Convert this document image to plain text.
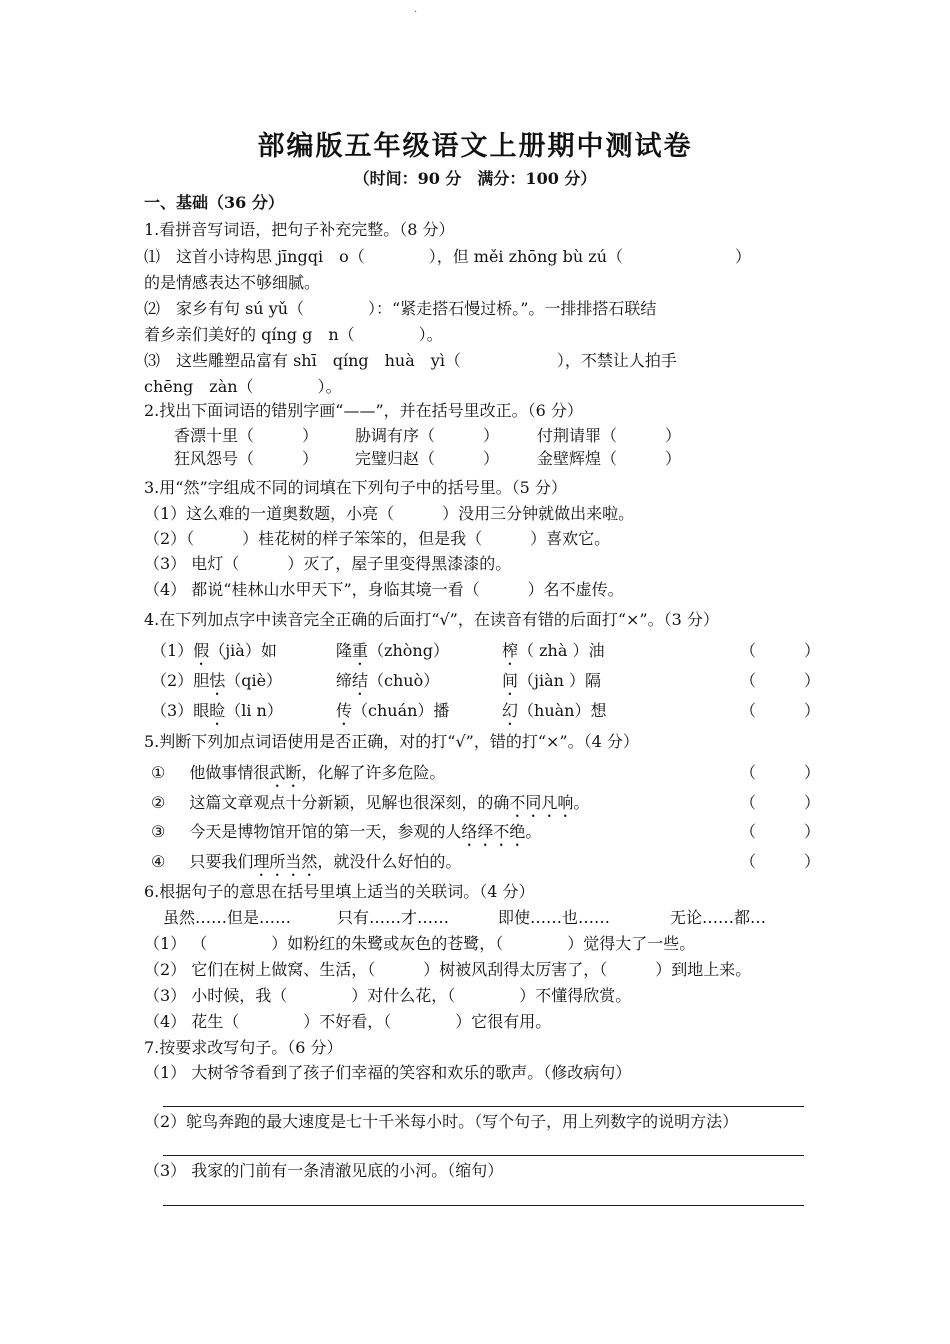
.
部编版五年级语文上册期中测试卷
（时间：90 分　满分：100 分）
一、基础（36 分）
1.看拼音写词语，把句子补充完整。（8 分）
⑴　这首小诗构思 jīngqi　o（　　　　），但 měi zhōng bù zú（　　　　　　　）
的是情感表达不够细腻。
⑵　家乡有句 sú yǔ（　　　　）：“紧走搭石慢过桥。”。一排排搭石联结
着乡亲们美好的 qíng g　n（　　　　）。
⑶　这些雕塑品富有 shī　qíng　huà　yì（　　　　　　），不禁让人拍手
chēng　zàn（　　　　）。
2.找出下面词语的错别字画“——”，并在括号里改正。（6 分）
香漂十里（　　　） 胁调有序（　　　） 付荆请罪（　　　）
狂风怨号（　　　） 完璧归赵（　　　） 金壁辉煌（　　　）
3.用“然”字组成不同的词填在下列句子中的括号里。（5 分）
（1）这么难的一道奥数题，小亮（　　　）没用三分钟就做出来啦。
（2）（　　　）桂花树的样子笨笨的，但是我（　　　）喜欢它。
（3） 电灯（　　　）灭了，屋子里变得黑漆漆的。
（4） 都说“桂林山水甲天下”，身临其境一看（　　　）名不虚传。
4.在下列加点字中读音完全正确的后面打“√”，在读音有错的后面打“×”。（3 分）
（1）假（jià）如	隆重（zhòng）	榨（ zhà ）油	（　　　）
（2）胆怯（qiè）	缔结（chuò）	间（jiàn ）隔	（　　　）
（3）眼睑（li n）	传（chuán）播	幻（huàn）想	（　　　）
5.判断下列加点词语使用是否正确，对的打“√”，错的打“×”。（4 分）
① 他做事情很武断，化解了许多危险。	（　　　）
② 这篇文章观点十分新颖，见解也很深刻，的确不同凡响。	（　　　）
③ 今天是博物馆开馆的第一天，参观的人络绎不绝。	（　　　）
④ 只要我们理所当然，就没什么好怕的。	（　　　）
6.根据句子的意思在括号里填上适当的关联词。（4 分）
虽然……但是……	只有……才……	即使……也……	无论……都…
（1） （　　　　）如粉红的朱鹭或灰色的苍鹭，（　　　　）觉得大了一些。
（2） 它们在树上做窝、生活，（　　　）树被风刮得太厉害了，（　　　）到地上来。
（3） 小时候，我（　　　　）对什么花，（　　　　）不懂得欣赏。
（4） 花生（　　　　）不好看，（　　　　）它很有用。
7.按要求改写句子。（6 分）
（1） 大树爷爷看到了孩子们幸福的笑容和欢乐的歌声。（修改病句）
（2）鸵鸟奔跑的最大速度是七十千米每小时。（写个句子，用上列数字的说明方法）
（3） 我家的门前有一条清澈见底的小河。（缩句）
